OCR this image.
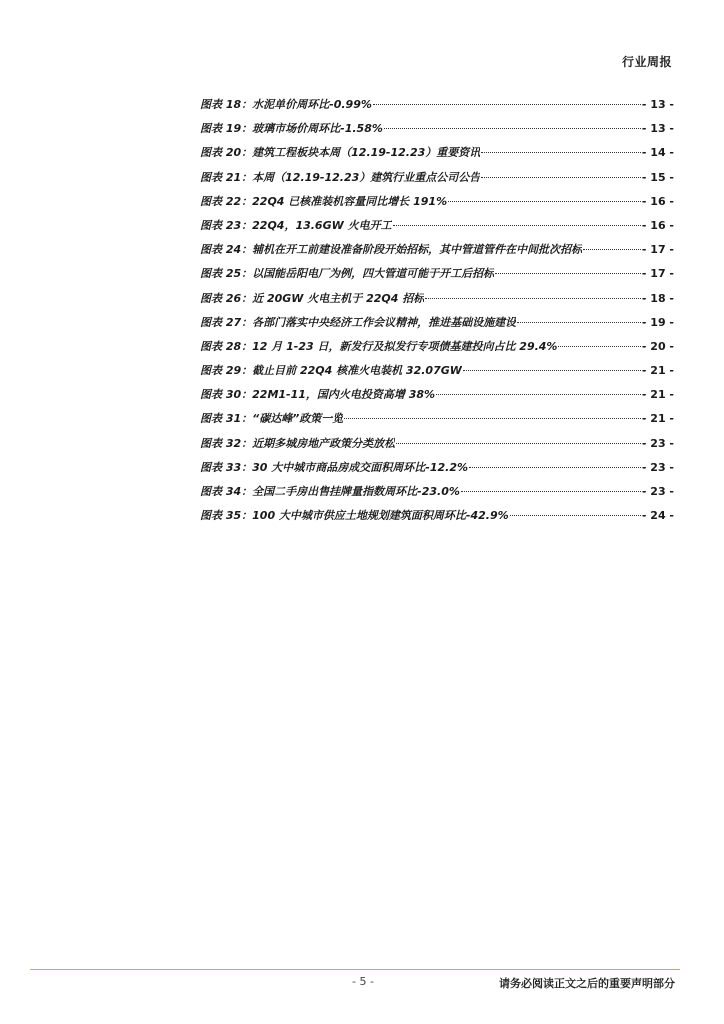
行业周报
图表 18：水泥单价周环比-0.99%	- 13 -
图表 19：玻璃市场价周环比-1.58%	- 13 -
图表 20：建筑工程板块本周（12.19-12.23）重要资讯	- 14 -
图表 21：本周（12.19-12.23）建筑行业重点公司公告	- 15 -
图表 22：22Q4 已核准装机容量同比增长 191%	- 16 -
图表 23：22Q4，13.6GW 火电开工	- 16 -
图表 24：辅机在开工前建设准备阶段开始招标，其中管道管件在中间批次招标	- 17 -
图表 25：以国能岳阳电厂为例，四大管道可能于开工后招标	- 17 -
图表 26：近 20GW 火电主机于 22Q4 招标	- 18 -
图表 27：各部门落实中央经济工作会议精神，推进基础设施建设	- 19 -
图表 28：12 月 1-23 日，新发行及拟发行专项债基建投向占比 29.4%	- 20 -
图表 29：截止目前 22Q4 核准火电装机 32.07GW	- 21 -
图表 30：22M1-11，国内火电投资高增 38%	- 21 -
图表 31：“碳达峰”政策一览	- 21 -
图表 32：近期多城房地产政策分类放松	- 23 -
图表 33：30 大中城市商品房成交面积周环比-12.2%	- 23 -
图表 34：全国二手房出售挂牌量指数周环比-23.0%	- 23 -
图表 35：100 大中城市供应土地规划建筑面积周环比-42.9%	- 24 -
- 5 -	请务必阅读正文之后的重要声明部分
